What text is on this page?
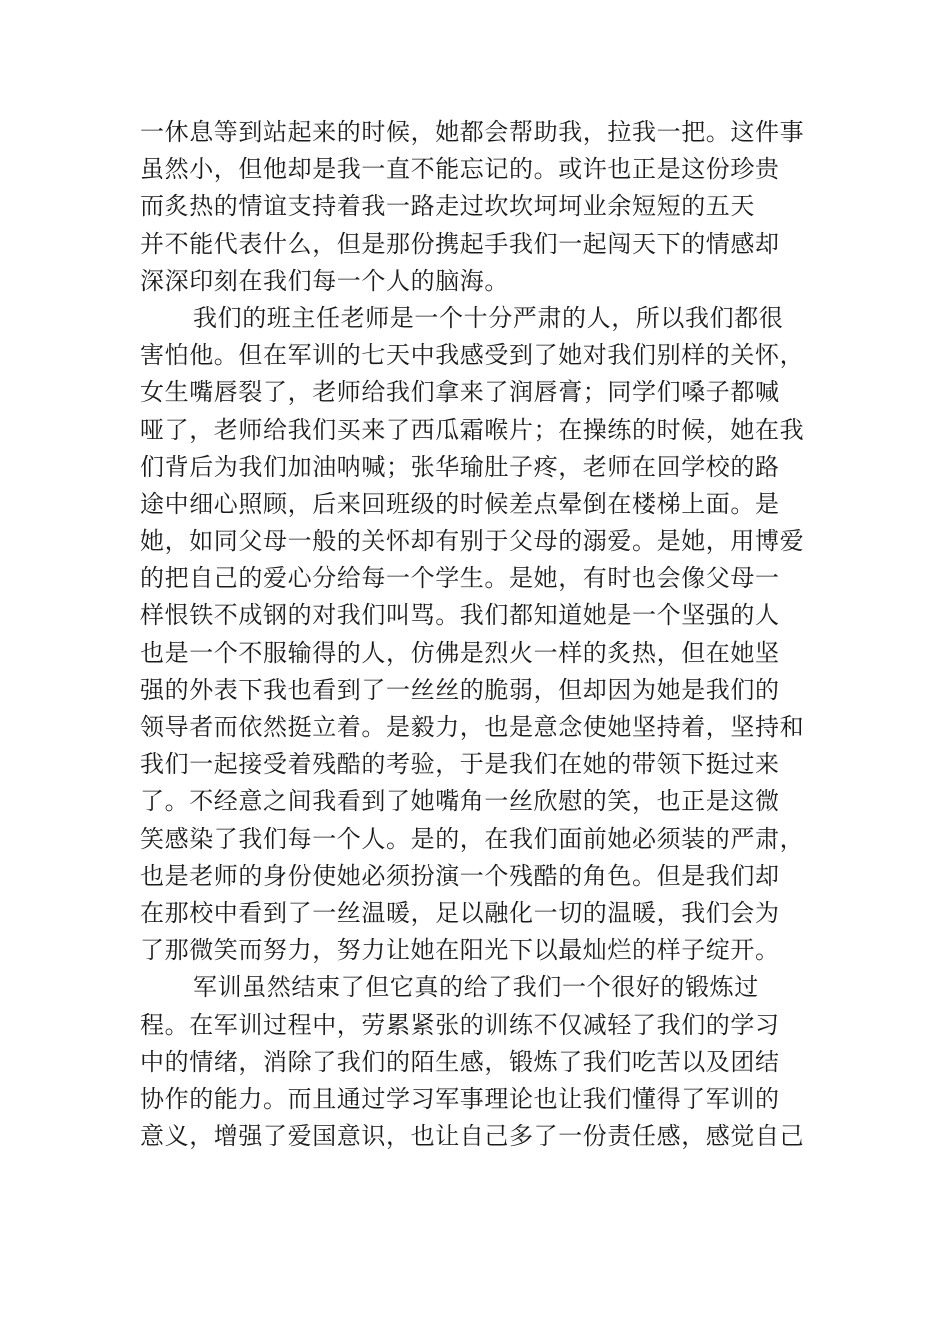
一休息等到站起来的时候，她都会帮助我，拉我一把。这件事
虽然小，但他却是我一直不能忘记的。或许也正是这份珍贵
而炙热的情谊支持着我一路走过坎坎坷坷业余短短的五天
并不能代表什么，但是那份携起手我们一起闯天下的情感却
深深印刻在我们每一个人的脑海。
我们的班主任老师是一个十分严肃的人，所以我们都很
害怕他。但在军训的七天中我感受到了她对我们别样的关怀，
女生嘴唇裂了，老师给我们拿来了润唇膏；同学们嗓子都喊
哑了，老师给我们买来了西瓜霜喉片；在操练的时候，她在我
们背后为我们加油呐喊；张华瑜肚子疼，老师在回学校的路
途中细心照顾，后来回班级的时候差点晕倒在楼梯上面。是
她，如同父母一般的关怀却有别于父母的溺爱。是她，用博爱
的把自己的爱心分给每一个学生。是她，有时也会像父母一
样恨铁不成钢的对我们叫骂。我们都知道她是一个坚强的人
也是一个不服输得的人，仿佛是烈火一样的炙热，但在她坚
强的外表下我也看到了一丝丝的脆弱，但却因为她是我们的
领导者而依然挺立着。是毅力，也是意念使她坚持着，坚持和
我们一起接受着残酷的考验，于是我们在她的带领下挺过来
了。不经意之间我看到了她嘴角一丝欣慰的笑，也正是这微
笑感染了我们每一个人。是的，在我们面前她必须装的严肃，
也是老师的身份使她必须扮演一个残酷的角色。但是我们却
在那校中看到了一丝温暖，足以融化一切的温暖，我们会为
了那微笑而努力，努力让她在阳光下以最灿烂的样子绽开。
军训虽然结束了但它真的给了我们一个很好的锻炼过
程。在军训过程中，劳累紧张的训练不仅减轻了我们的学习
中的情绪，消除了我们的陌生感，锻炼了我们吃苦以及团结
协作的能力。而且通过学习军事理论也让我们懂得了军训的
意义，增强了爱国意识，也让自己多了一份责任感，感觉自己
